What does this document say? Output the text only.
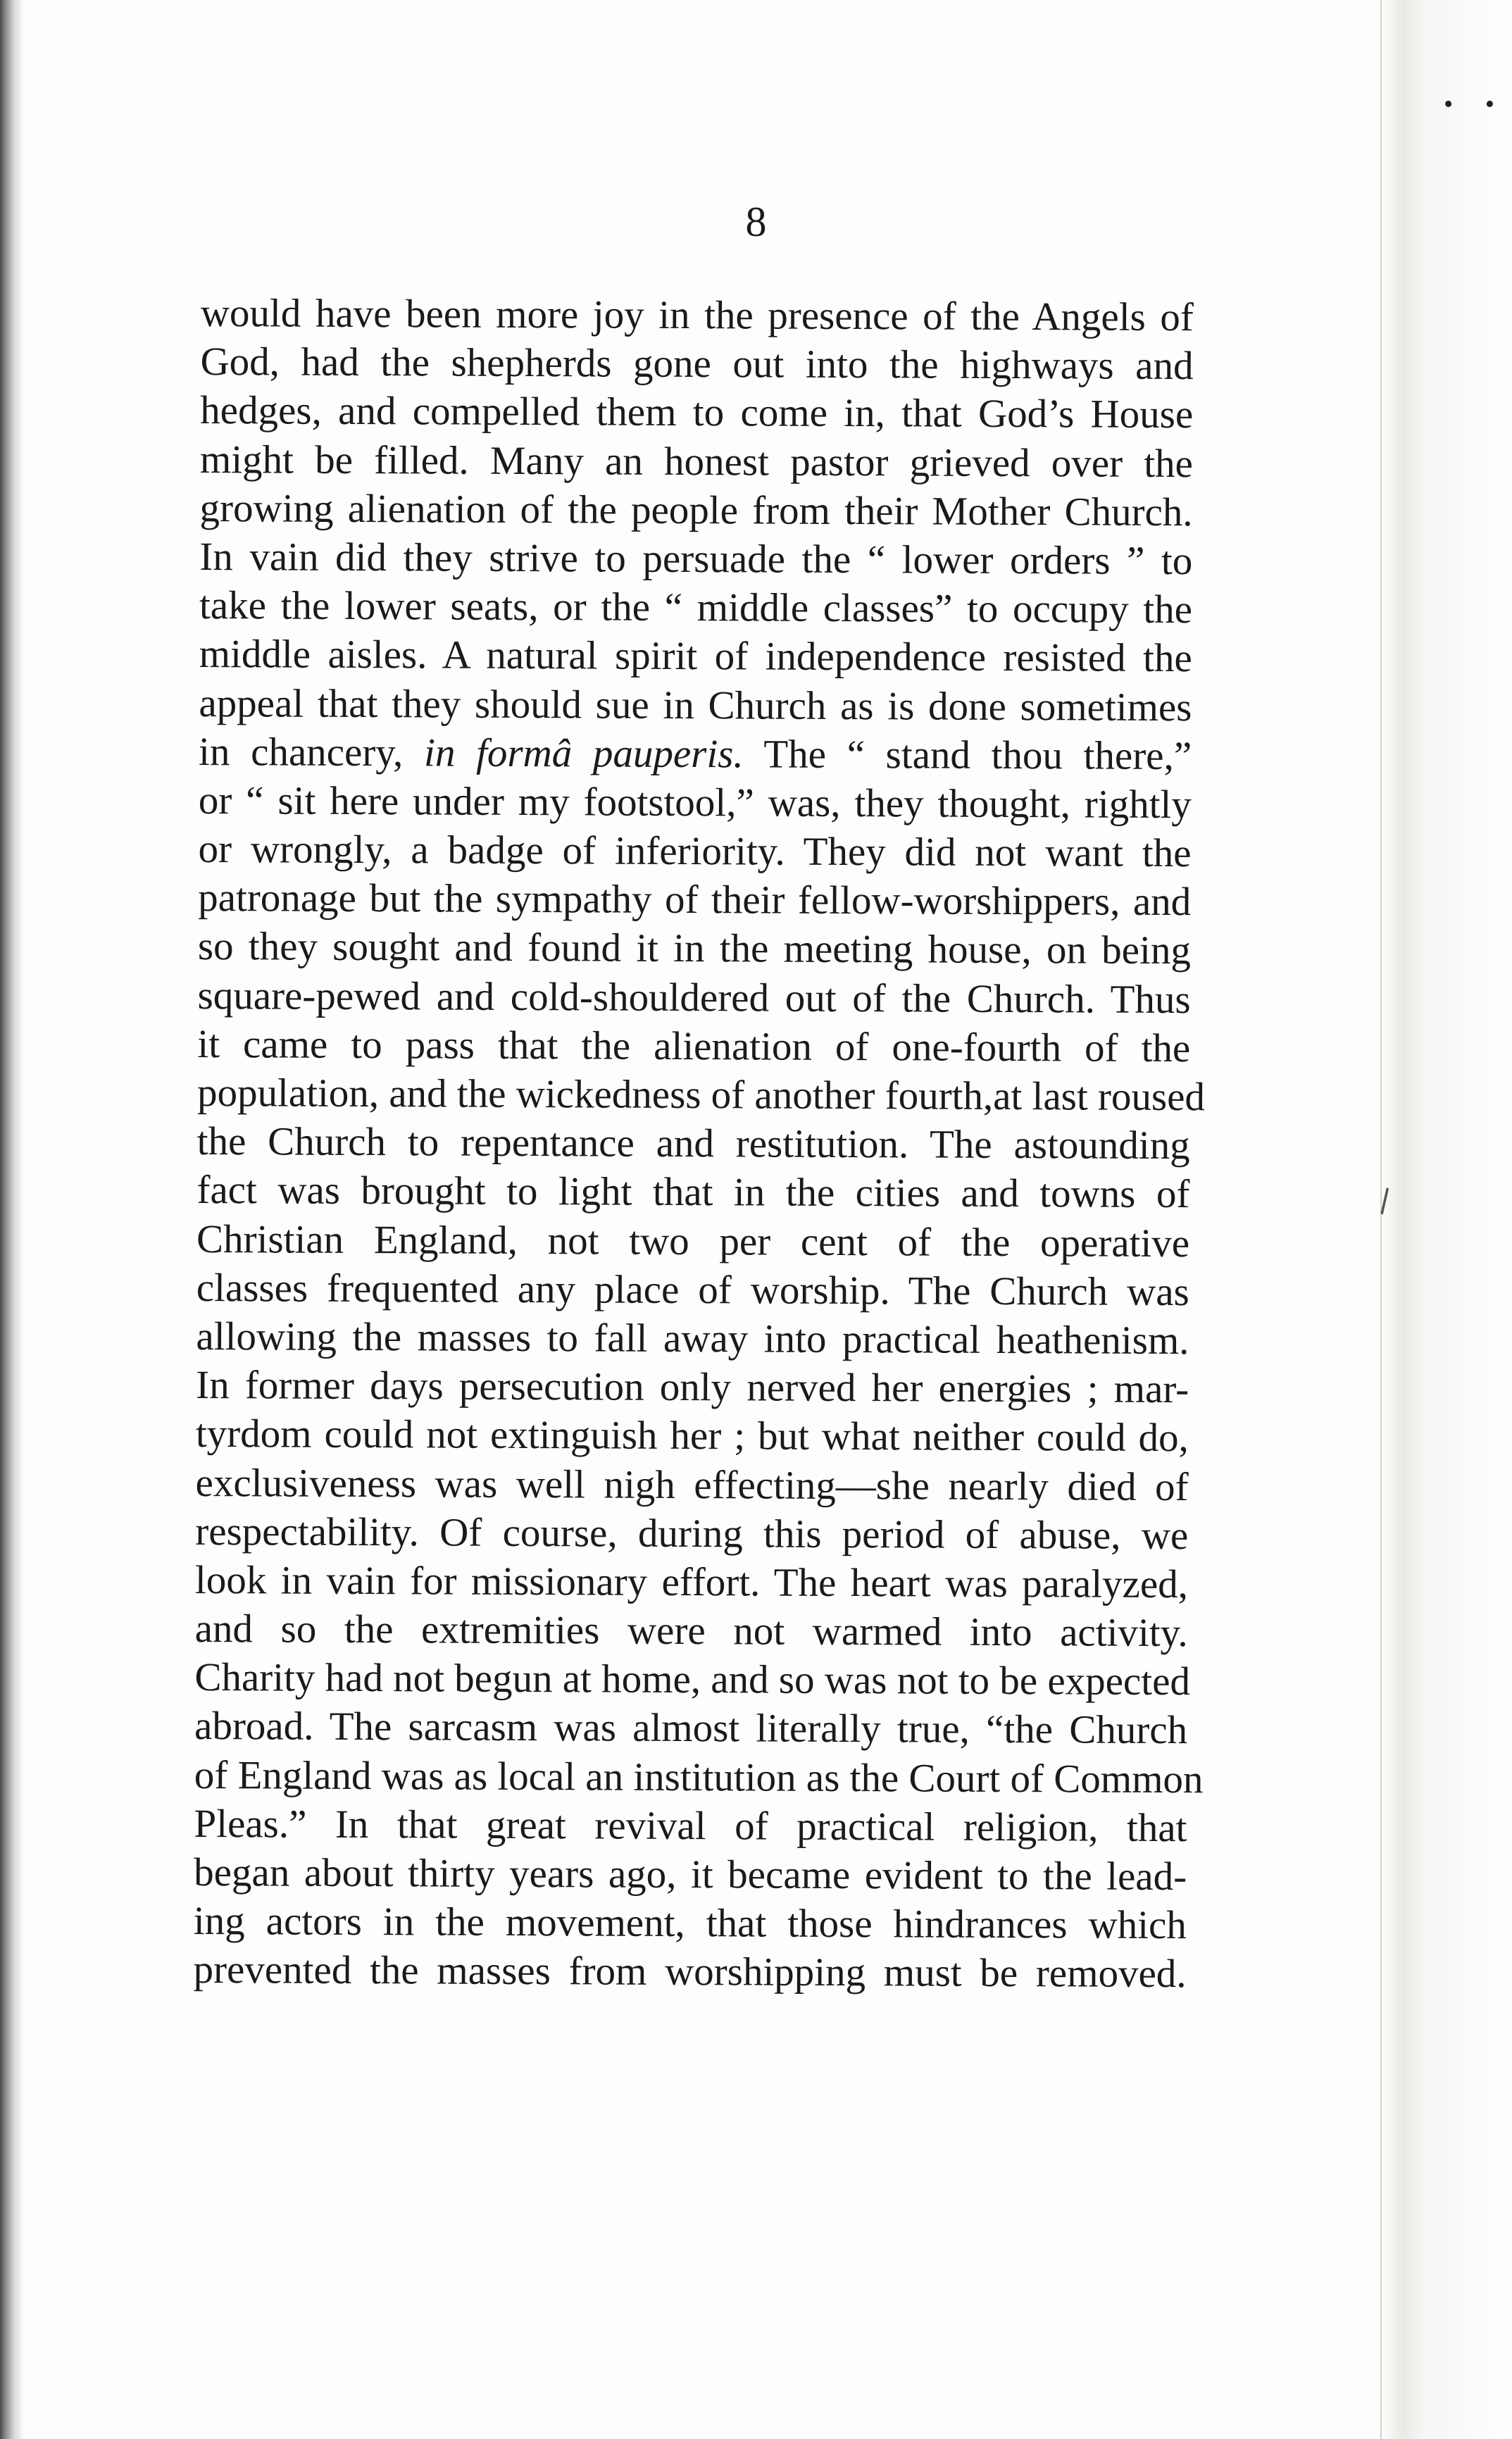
• •
∖
8
would have been more joy in the presence of the Angels of
God, had the shepherds gone out into the highways and
hedges, and compelled them to come in, that God’s House
might be filled. Many an honest pastor grieved over the
growing alienation of the people from their Mother Church.
In vain did they strive to persuade the “ lower orders ” to
take the lower seats, or the “ middle classes” to occupy the
middle aisles. A natural spirit of independence resisted the
appeal that they should sue in Church as is done sometimes
in chancery, in formâ pauperis. The “ stand thou there,”
or “ sit here under my footstool,” was, they thought, rightly
or wrongly, a badge of inferiority. They did not want the
patronage but the sympathy of their fellow-worshippers, and
so they sought and found it in the meeting house, on being
square-pewed and cold-shouldered out of the Church. Thus
it came to pass that the alienation of one-fourth of the
population, and the wickedness of another fourth,at last roused
the Church to repentance and restitution. The astounding
fact was brought to light that in the cities and towns of
Christian England, not two per cent of the operative
classes frequented any place of worship. The Church was
allowing the masses to fall away into practical heathenism.
In former days persecution only nerved her energies ; mar-
tyrdom could not extinguish her ; but what neither could do,
exclusiveness was well nigh effecting—she nearly died of
respectability. Of course, during this period of abuse, we
look in vain for missionary effort. The heart was paralyzed,
and so the extremities were not warmed into activity.
Charity had not begun at home, and so was not to be expected
abroad. The sarcasm was almost literally true, “the Church
of England was as local an institution as the Court of Common
Pleas.” In that great revival of practical religion, that
began about thirty years ago, it became evident to the lead-
ing actors in the movement, that those hindrances which
prevented the masses from worshipping must be removed.
